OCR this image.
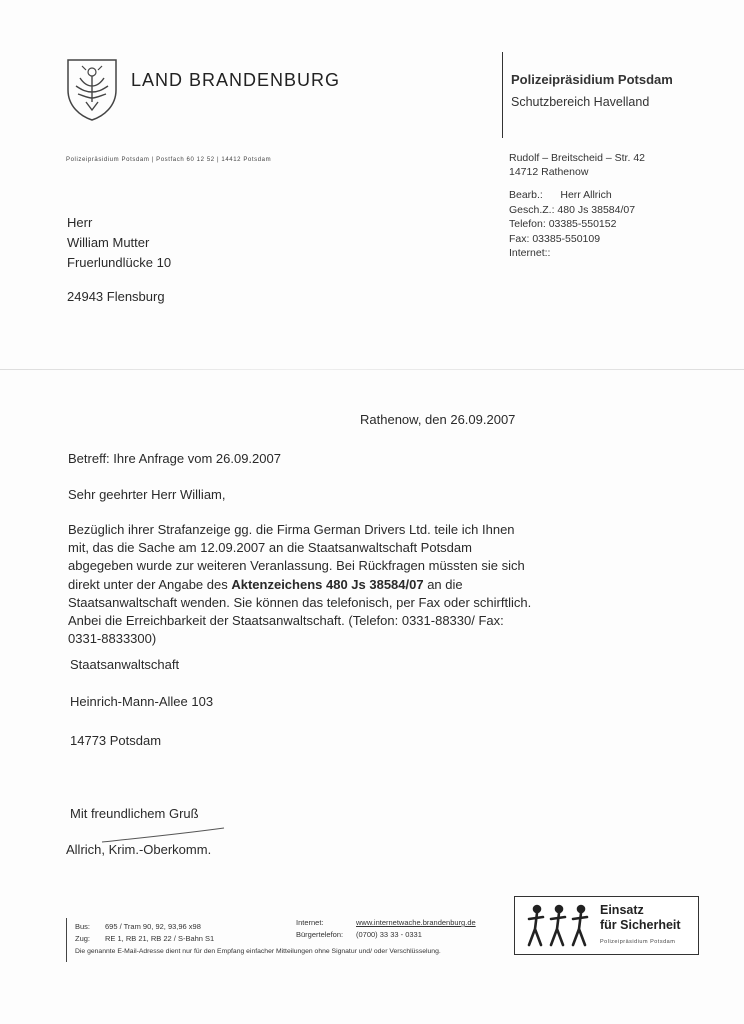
LAND BRANDENBURG	Polizeipräsidium Potsdam
Schutzbereich Havelland
Polizeipräsidium Potsdam | Postfach 60 12 52 | 14412 Potsdam	Rudolf – Breitscheid – Str. 42
14712 Rathenow
Bearb.:      Herr Allrich
Gesch.Z.: 480 Js 38584/07
Telefon: 03385-550152
Fax: 03385-550109
Internet::
Herr
William Mutter
Fruerlundlücke 10
24943 Flensburg
Rathenow, den 26.09.2007
Betreff: Ihre Anfrage vom 26.09.2007
Sehr geehrter Herr William,
Bezüglich ihrer Strafanzeige gg. die Firma German Drivers Ltd. teile ich Ihnen mit, das die Sache am 12.09.2007 an die Staatsanwaltschaft Potsdam abgegeben wurde zur weiteren Veranlassung. Bei Rückfragen müssten sie sich direkt unter der Angabe des Aktenzeichens 480 Js 38584/07 an die Staatsanwaltschaft wenden. Sie können das telefonisch, per Fax oder schirftlich. Anbei die Erreichbarkeit der Staatsanwaltschaft. (Telefon: 0331-88330/ Fax: 0331-8833300)
Staatsanwaltschaft
Heinrich-Mann-Allee 103
14773 Potsdam
Mit freundlichem Gruß
Allrich, Krim.-Oberkomm.
Bus: 695 / Tram 90, 92, 93,96 x98
Zug: RE 1, RB 21, RB 22 / S-Bahn S1
Internet:	www.internetwache.brandenburg.de
Bürgertelefon: (0700) 33 33 - 0331
Die genannte E-Mail-Adresse dient nur für den Empfang einfacher Mitteilungen ohne Signatur und/ oder Verschlüsselung.
Einsatz
für Sicherheit
Polizeipräsidium Potsdam
